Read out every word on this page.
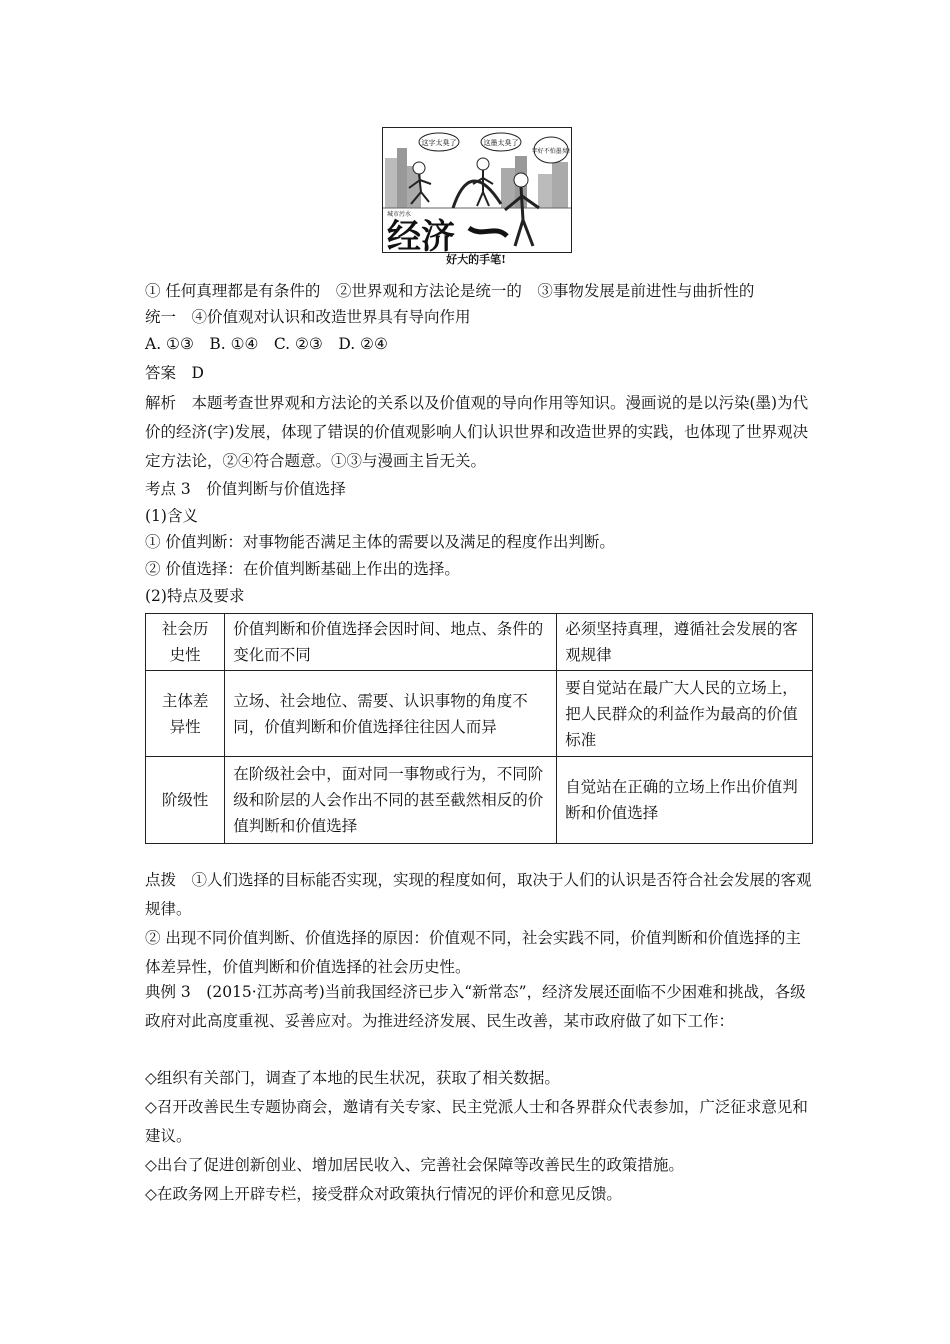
这字太臭了	这墨太臭了
字好不怕墨臭!
城市污水
经济
好大的手笔!

① 任何真理都是有条件的　②世界观和方法论是统一的　③事物发展是前进性与曲折性的

统一　④价值观对认识和改造世界具有导向作用

A. ①③　B. ①④　C. ②③　D. ②④

答案　D

解析　本题考查世界观和方法论的关系以及价值观的导向作用等知识。漫画说的是以污染(墨)为代价的经济(字)发展，体现了错误的价值观影响人们认识世界和改造世界的实践，也体现了世界观决定方法论，②④符合题意。①③与漫画主旨无关。

考点 3　价值判断与价值选择

(1)含义

① 价值判断：对事物能否满足主体的需要以及满足的程度作出判断。

② 价值选择：在价值判断基础上作出的选择。

(2)特点及要求

社会历史性	价值判断和价值选择会因时间、地点、条件的变化而不同	必须坚持真理，遵循社会发展的客观规律
主体差异性	立场、社会地位、需要、认识事物的角度不同，价值判断和价值选择往往因人而异	要自觉站在最广大人民的立场上，把人民群众的利益作为最高的价值标准
阶级性	在阶级社会中，面对同一事物或行为，不同阶级和阶层的人会作出不同的甚至截然相反的价值判断和价值选择	自觉站在正确的立场上作出价值判断和价值选择

点拨　①人们选择的目标能否实现，实现的程度如何，取决于人们的认识是否符合社会发展的客观规律。

② 出现不同价值判断、价值选择的原因：价值观不同，社会实践不同，价值判断和价值选择的主体差异性，价值判断和价值选择的社会历史性。

典例 3　(2015·江苏高考)当前我国经济已步入“新常态”，经济发展还面临不少困难和挑战，各级政府对此高度重视、妥善应对。为推进经济发展、民生改善，某市政府做了如下工作：

◇组织有关部门，调查了本地的民生状况，获取了相关数据。

◇召开改善民生专题协商会，邀请有关专家、民主党派人士和各界群众代表参加，广泛征求意见和建议。

◇出台了促进创新创业、增加居民收入、完善社会保障等改善民生的政策措施。

◇在政务网上开辟专栏，接受群众对政策执行情况的评价和意见反馈。
